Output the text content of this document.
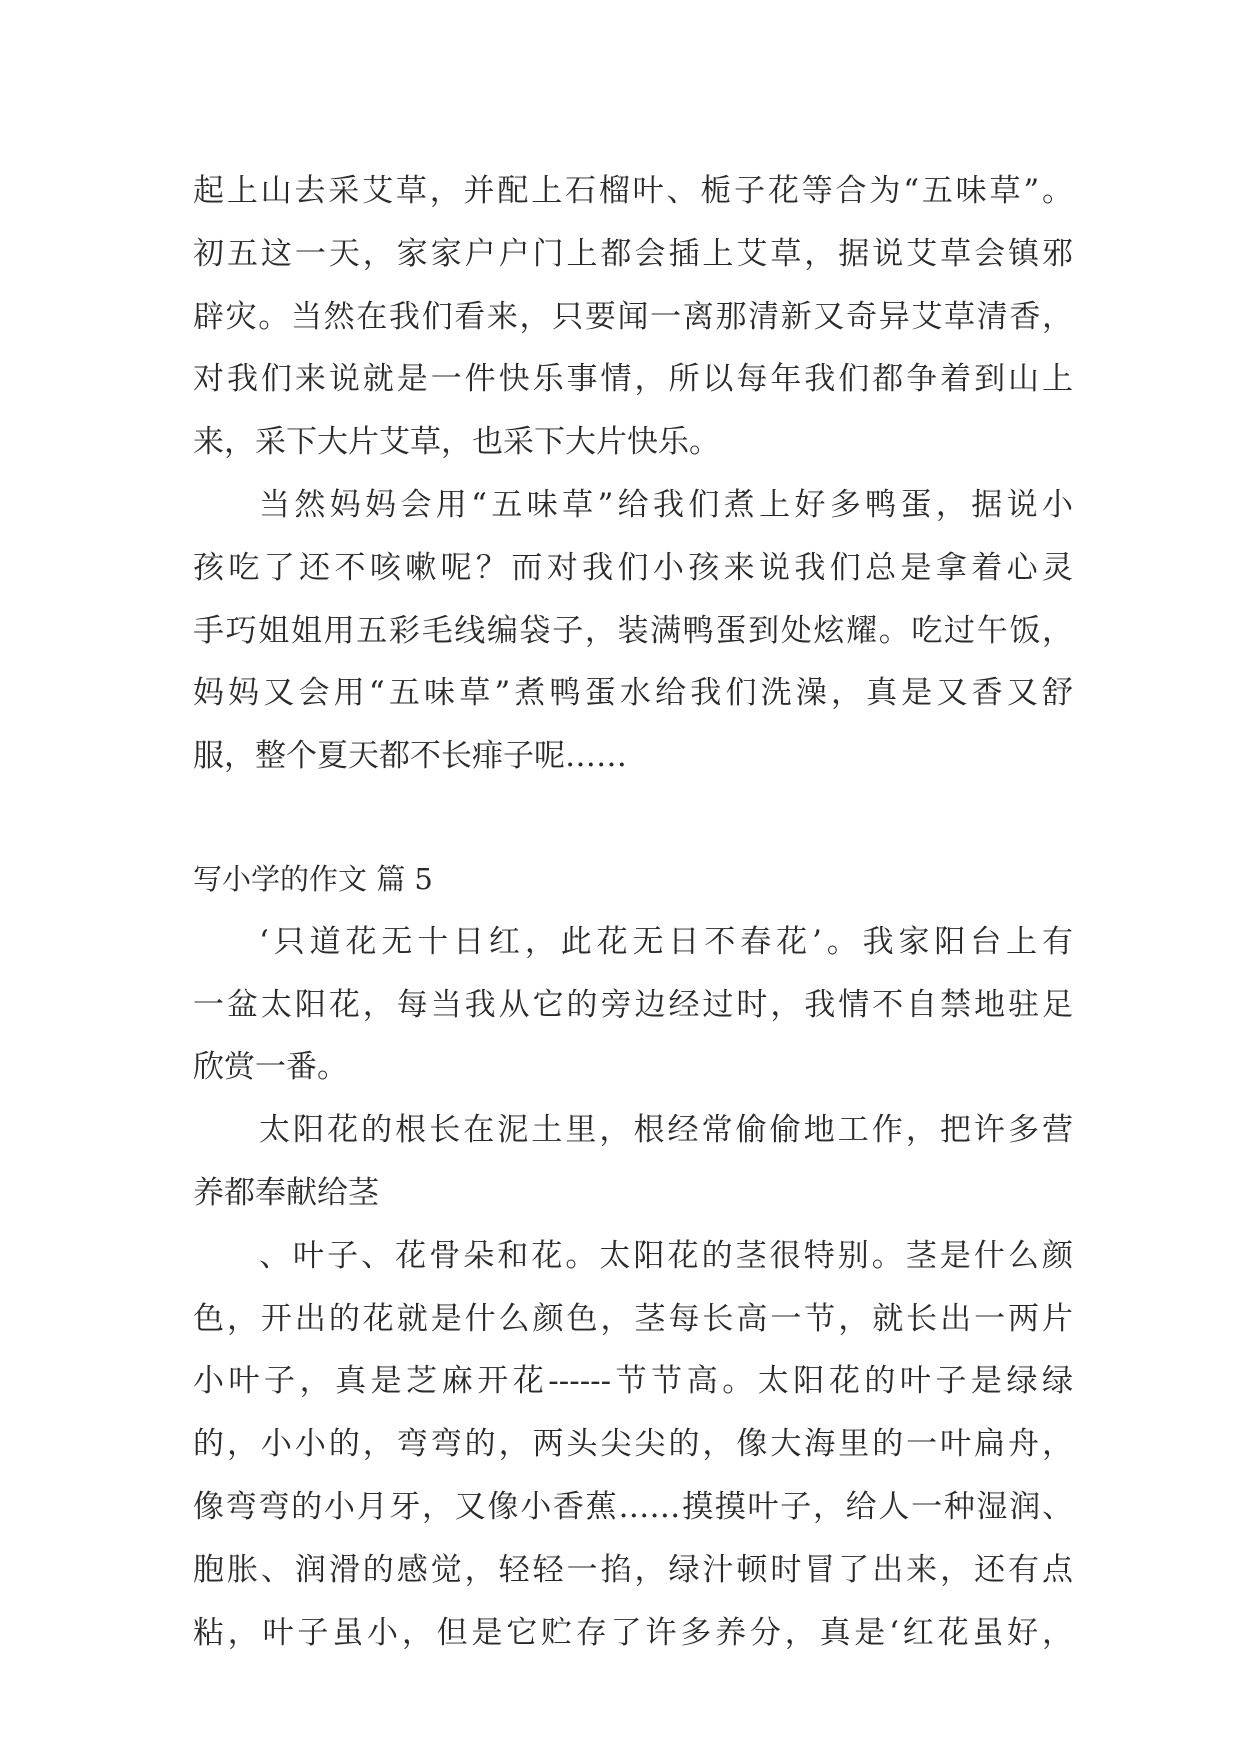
起上山去采艾草，并配上石榴叶、栀子花等合为“五味草”。
初五这一天，家家户户门上都会插上艾草，据说艾草会镇邪
辟灾。当然在我们看来，只要闻一离那清新又奇异艾草清香，
对我们来说就是一件快乐事情，所以每年我们都争着到山上
来，采下大片艾草，也采下大片快乐。
当然妈妈会用“五味草”给我们煮上好多鸭蛋，据说小
孩吃了还不咳嗽呢？而对我们小孩来说我们总是拿着心灵
手巧姐姐用五彩毛线编袋子，装满鸭蛋到处炫耀。吃过午饭，
妈妈又会用“五味草”煮鸭蛋水给我们洗澡，真是又香又舒
服，整个夏天都不长痱子呢……
写小学的作文 篇 5
‘只道花无十日红，此花无日不春花’。我家阳台上有
一盆太阳花，每当我从它的旁边经过时，我情不自禁地驻足
欣赏一番。
太阳花的根长在泥土里，根经常偷偷地工作，把许多营
养都奉献给茎
、叶子、花骨朵和花。太阳花的茎很特别。茎是什么颜
色，开出的花就是什么颜色，茎每长高一节，就长出一两片
小叶子，真是芝麻开花------节节高。太阳花的叶子是绿绿
的，小小的，弯弯的，两头尖尖的，像大海里的一叶扁舟，
像弯弯的小月牙，又像小香蕉……摸摸叶子，给人一种湿润、
胞胀、润滑的感觉，轻轻一掐，绿汁顿时冒了出来，还有点
粘，叶子虽小，但是它贮存了许多养分，真是‘红花虽好，
